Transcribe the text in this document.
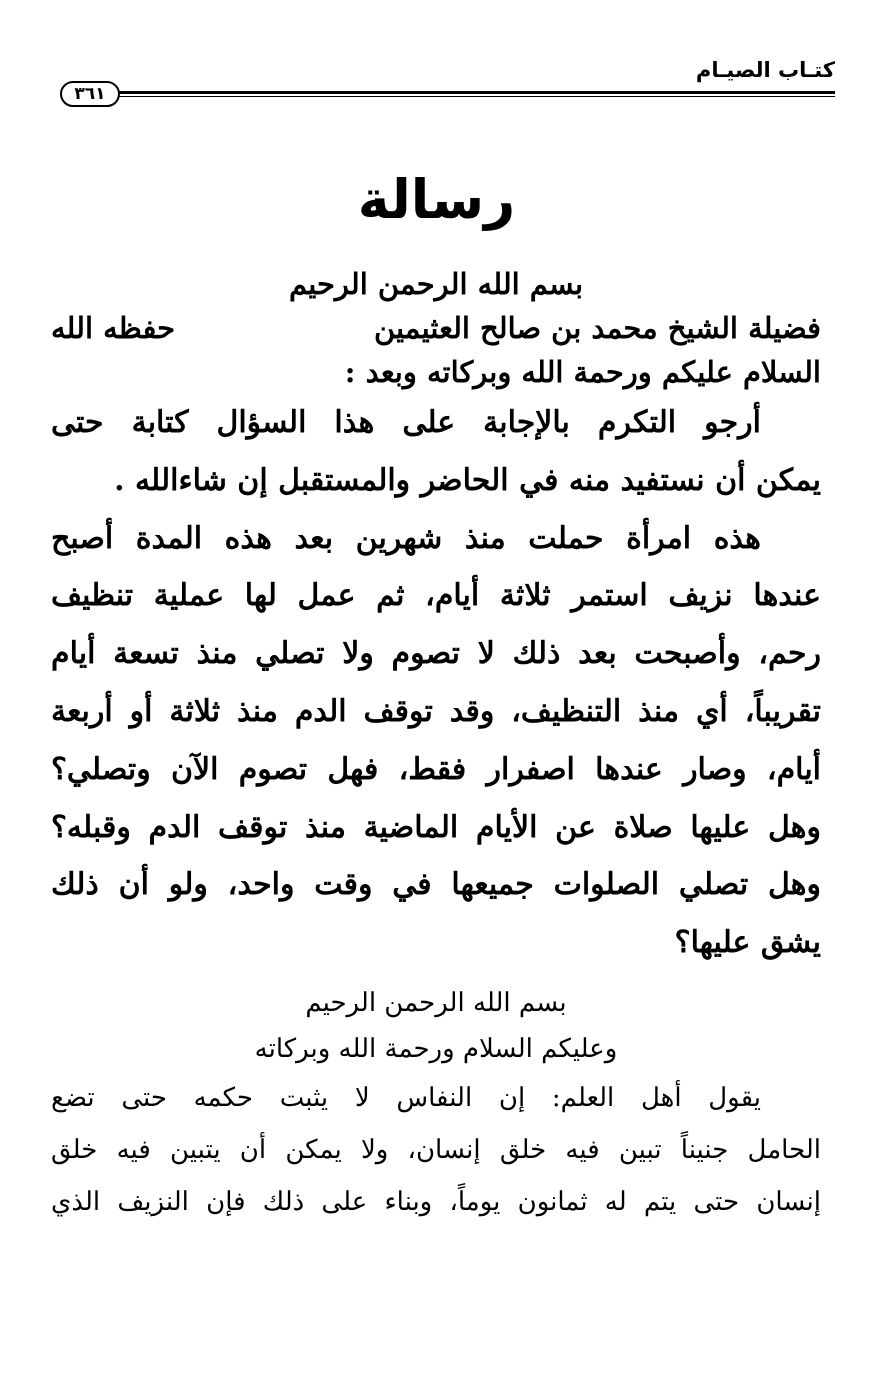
كتـاب الصيـام
٣٦١
رسالة
بسم الله الرحمن الرحيم
فضيلة الشيخ محمد بن صالح العثيمين
حفظه الله
السلام عليكم ورحمة الله وبركاته وبعد :
أرجو التكرم بالإجابة على هذا السؤال كتابة حتى
يمكن أن نستفيد منه في الحاضر والمستقبل إن شاءالله .
هذه امرأة حملت منذ شهرين بعد هذه المدة أصبح
عندها نزيف استمر ثلاثة أيام، ثم عمل لها عملية تنظيف
رحم، وأصبحت بعد ذلك لا تصوم ولا تصلي منذ تسعة أيام
تقريباً، أي منذ التنظيف، وقد توقف الدم منذ ثلاثة أو أربعة
أيام، وصار عندها اصفرار فقط، فهل تصوم الآن وتصلي؟
وهل عليها صلاة عن الأيام الماضية منذ توقف الدم وقبله؟
وهل تصلي الصلوات جميعها في وقت واحد، ولو أن ذلك
يشق عليها؟
بسم الله الرحمن الرحيم
وعليكم السلام ورحمة الله وبركاته
يقول أهل العلم: إن النفاس لا يثبت حكمه حتى تضع
الحامل جنيناً تبين فيه خلق إنسان، ولا يمكن أن يتبين فيه خلق
إنسان حتى يتم له ثمانون يوماً، وبناء على ذلك فإن النزيف الذي
